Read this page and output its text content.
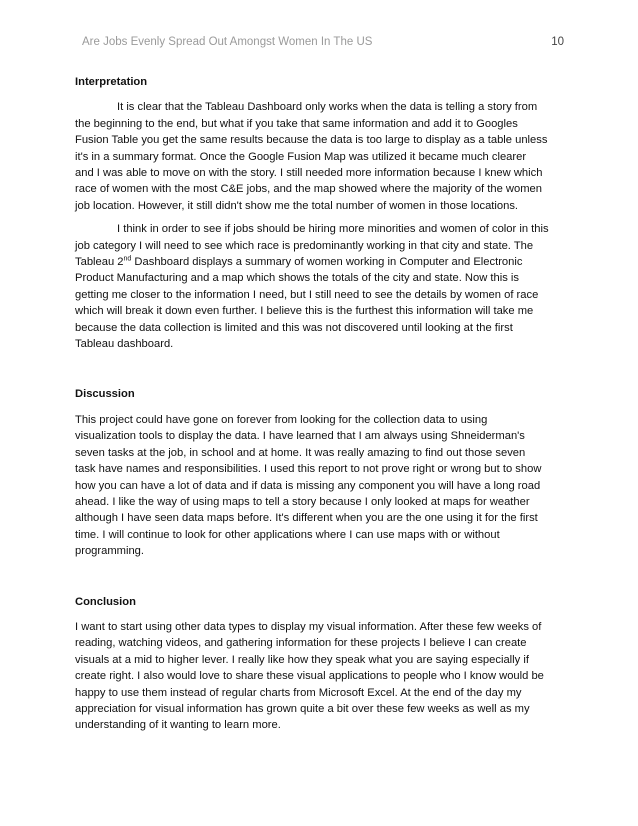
Are Jobs Evenly Spread Out Amongst Women In The US	10

Interpretation

It is clear that the Tableau Dashboard only works when the data is telling a story from
the beginning to the end, but what if you take that same information and add it to Googles
Fusion Table you get the same results because the data is too large to display as a table unless
it's in a summary format. Once the Google Fusion Map was utilized it became much clearer
and I was able to move on with the story. I still needed more information because I knew which
race of women with the most C&E jobs, and the map showed where the majority of the women
job location. However, it still didn't show me the total number of women in those locations.

I think in order to see if jobs should be hiring more minorities and women of color in this
job category I will need to see which race is predominantly working in that city and state. The
Tableau 2nd Dashboard displays a summary of women working in Computer and Electronic
Product Manufacturing and a map which shows the totals of the city and state. Now this is
getting me closer to the information I need, but I still need to see the details by women of race
which will break it down even further. I believe this is the furthest this information will take me
because the data collection is limited and this was not discovered until looking at the first
Tableau dashboard.

Discussion

This project could have gone on forever from looking for the collection data to using
visualization tools to display the data. I have learned that I am always using Shneiderman's
seven tasks at the job, in school and at home. It was really amazing to find out those seven
task have names and responsibilities. I used this report to not prove right or wrong but to show
how you can have a lot of data and if data is missing any component you will have a long road
ahead. I like the way of using maps to tell a story because I only looked at maps for weather
although I have seen data maps before. It's different when you are the one using it for the first
time. I will continue to look for other applications where I can use maps with or without
programming.

Conclusion

I want to start using other data types to display my visual information. After these few weeks of
reading, watching videos, and gathering information for these projects I believe I can create
visuals at a mid to higher lever. I really like how they speak what you are saying especially if
create right. I also would love to share these visual applications to people who I know would be
happy to use them instead of regular charts from Microsoft Excel. At the end of the day my
appreciation for visual information has grown quite a bit over these few weeks as well as my
understanding of it wanting to learn more.
